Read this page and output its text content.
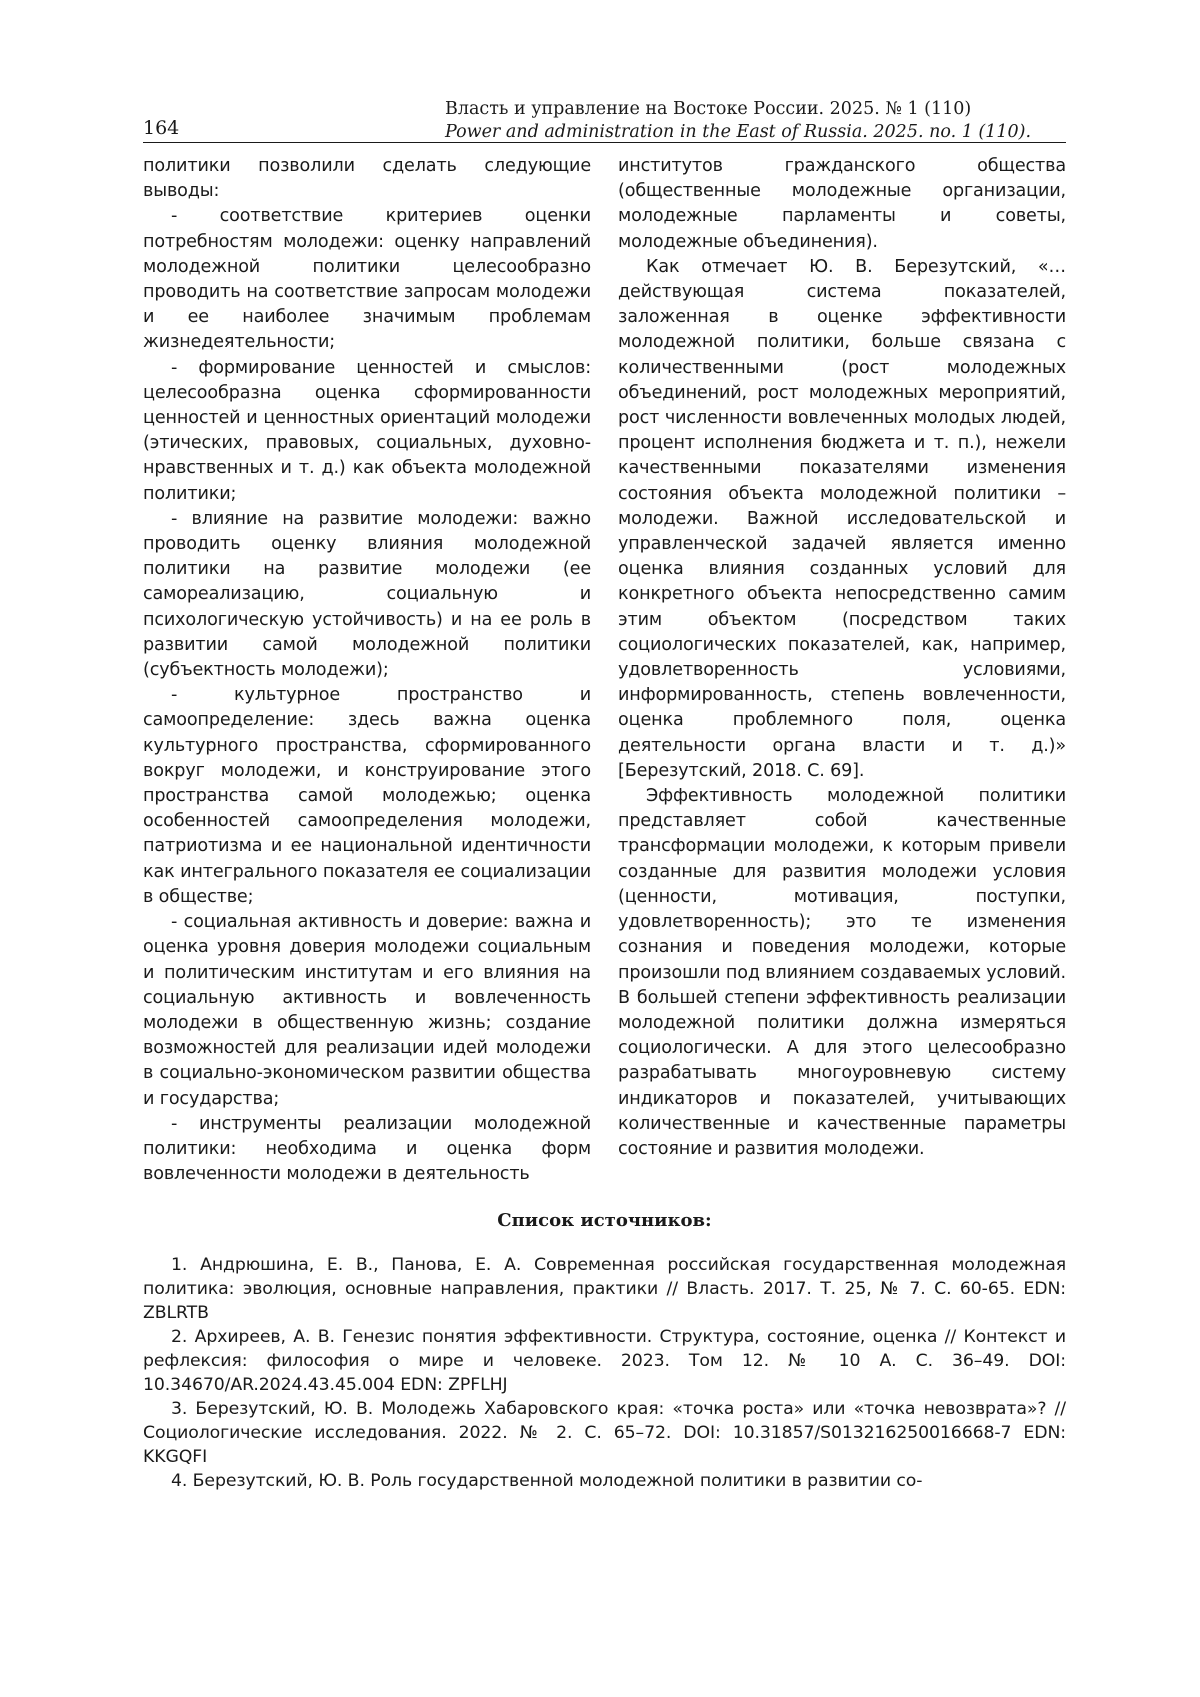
164
Власть и управление на Востоке России. 2025. № 1 (110)
Power and administration in the East of Russia. 2025. no. 1 (110).

политики позволили сделать следующие выводы:

- соответствие критериев оценки потребностям молодежи: оценку направлений молодежной политики целесообразно проводить на соответствие запросам молодежи и ее наиболее значимым проблемам жизнедеятельности;

- формирование ценностей и смыслов: целесообразна оценка сформированности ценностей и ценностных ориентаций молодежи (этических, правовых, социальных, духовно-нравственных и т. д.) как объекта молодежной политики;

- влияние на развитие молодежи: важно проводить оценку влияния молодежной политики на развитие молодежи (ее самореализацию, социальную и психологическую устойчивость) и на ее роль в развитии самой молодежной политики (субъектность молодежи);

- культурное пространство и самоопределение: здесь важна оценка культурного пространства, сформированного вокруг молодежи, и конструирование этого пространства самой молодежью; оценка особенностей самоопределения молодежи, патриотизма и ее национальной идентичности как интегрального показателя ее социализации в обществе;

- социальная активность и доверие: важна и оценка уровня доверия молодежи социальным и политическим институтам и его влияния на социальную активность и вовлеченность молодежи в общественную жизнь; создание возможностей для реализации идей молодежи в социально-экономическом развитии общества и государства;

- инструменты реализации молодежной политики: необходима и оценка форм вовлеченности молодежи в деятельность

институтов гражданского общества (общественные молодежные организации, молодежные парламенты и советы, молодежные объединения).

Как отмечает Ю. В. Березутский, «…действующая система показателей, заложенная в оценке эффективности молодежной политики, больше связана с количественными (рост молодежных объединений, рост молодежных мероприятий, рост численности вовлеченных молодых людей, процент исполнения бюджета и т. п.), нежели качественными показателями изменения состояния объекта молодежной политики – молодежи. Важной исследовательской и управленческой задачей является именно оценка влияния созданных условий для конкретного объекта непосредственно самим этим объектом (посредством таких социологических показателей, как, например, удовлетворенность условиями, информированность, степень вовлеченности, оценка проблемного поля, оценка деятельности органа власти и т. д.)» [Березутский, 2018. С. 69].

Эффективность молодежной политики представляет собой качественные трансформации молодежи, к которым привели созданные для развития молодежи условия (ценности, мотивация, поступки, удовлетворенность); это те изменения сознания и поведения молодежи, которые произошли под влиянием создаваемых условий. В большей степени эффективность реализации молодежной политики должна измеряться социологически. А для этого целесообразно разрабатывать многоуровневую систему индикаторов и показателей, учитывающих количественные и качественные параметры состояние и развития молодежи.

Список источников:

1. Андрюшина, Е. В., Панова, Е. А. Современная российская государственная молодежная политика: эволюция, основные направления, практики // Власть. 2017. Т. 25, № 7. С. 60-65. EDN: ZBLRTB

2. Архиреев, А. В. Генезис понятия эффективности. Структура, состояние, оценка // Контекст и рефлексия: философия о мире и человеке. 2023. Том 12. № 10 А. С. 36–49. DOI: 10.34670/AR.2024.43.45.004 EDN: ZPFLHJ

3. Березутский, Ю. В. Молодежь Хабаровского края: «точка роста» или «точка невозврата»? // Социологические исследования. 2022. № 2. С. 65–72. DOI: 10.31857/S013216250016668-7 EDN: KKGQFI

4. Березутский, Ю. В. Роль государственной молодежной политики в развитии со-
